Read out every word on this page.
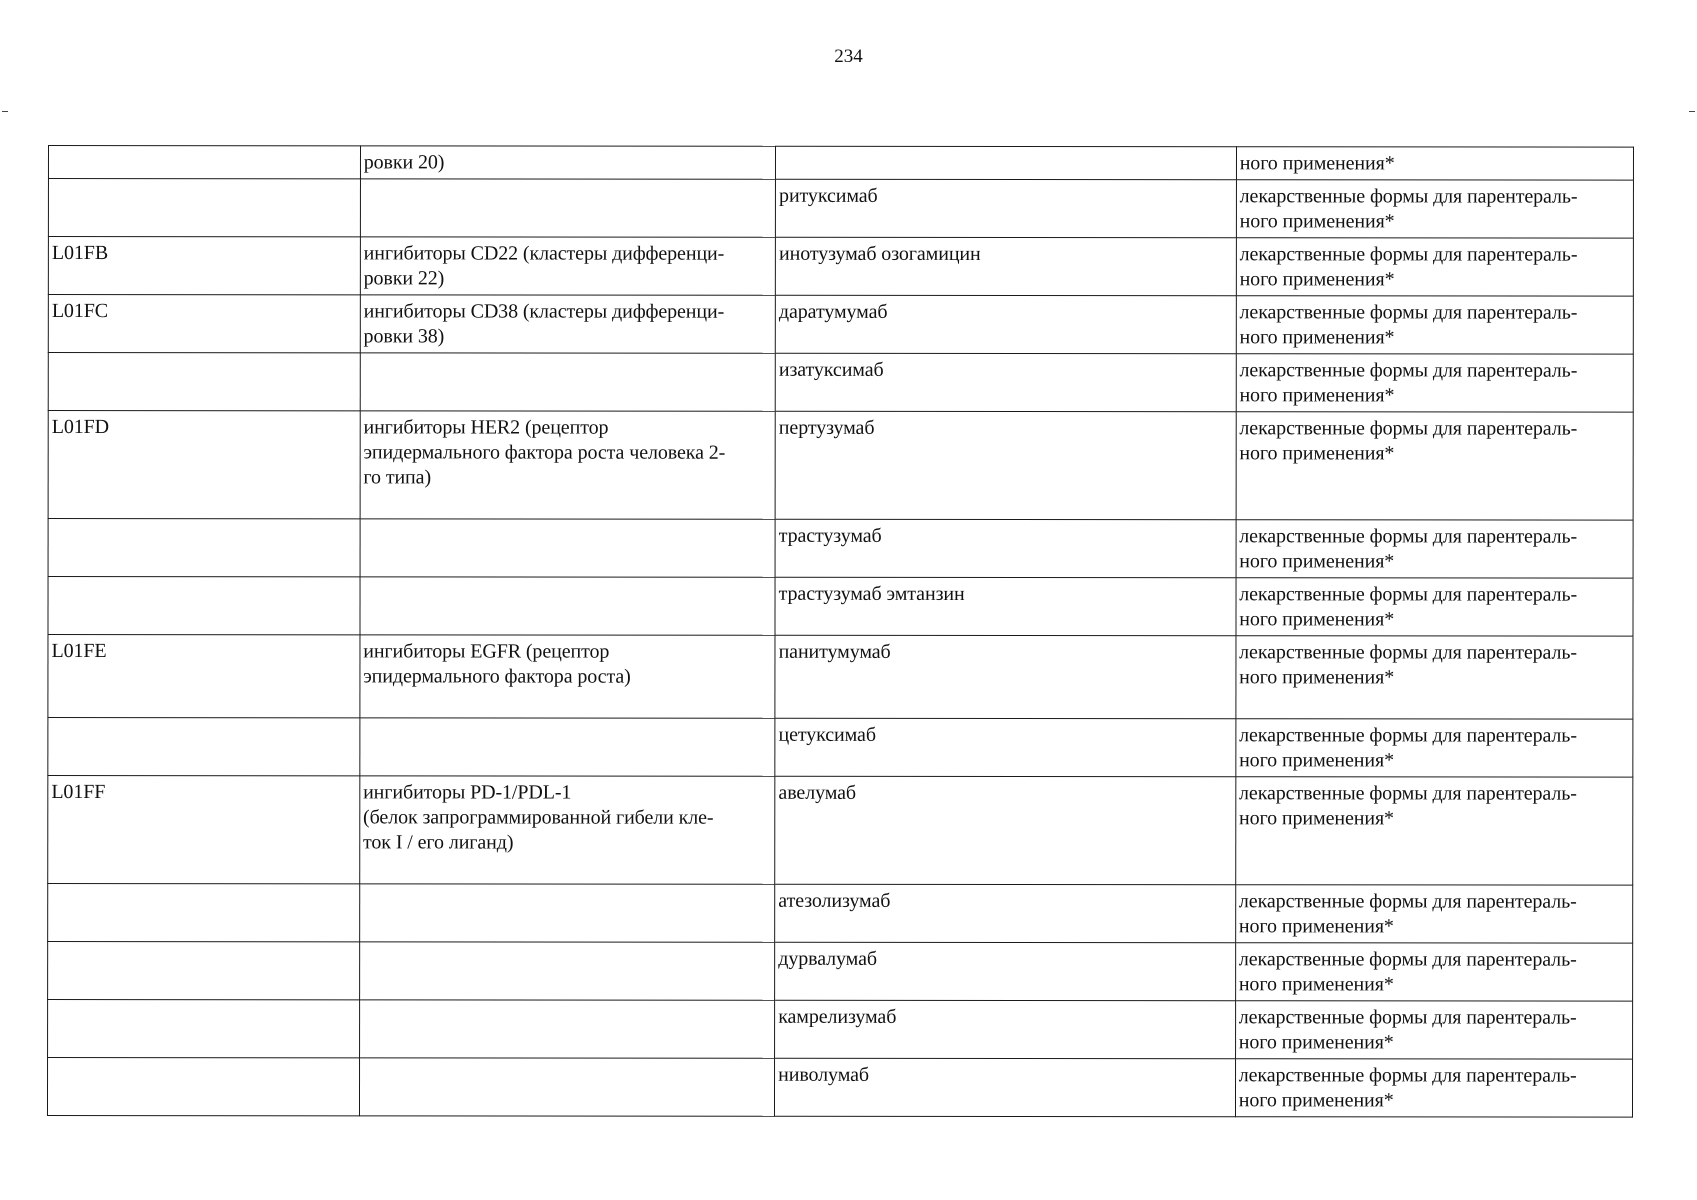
234
	ровки 20)		ного применения*
		ритуксимаб	лекарственные формы для парентераль-
ного применения*
L01FB	ингибиторы CD22 (кластеры дифференци-
ровки 22)	инотузумаб озогамицин	лекарственные формы для парентераль-
ного применения*
L01FC	ингибиторы CD38 (кластеры дифференци-
ровки 38)	даратумумаб	лекарственные формы для парентераль-
ного применения*
		изатуксимаб	лекарственные формы для парентераль-
ного применения*
L01FD	ингибиторы HER2 (рецептор
эпидермального фактора роста человека 2-
го типа)	пертузумаб	лекарственные формы для парентераль-
ного применения*
		трастузумаб	лекарственные формы для парентераль-
ного применения*
		трастузумаб эмтанзин	лекарственные формы для парентераль-
ного применения*
L01FE	ингибиторы EGFR (рецептор
эпидермального фактора роста)	панитумумаб	лекарственные формы для парентераль-
ного применения*
		цетуксимаб	лекарственные формы для парентераль-
ного применения*
L01FF	ингибиторы PD-1/PDL-1
(белок запрограммированной гибели кле-
ток I / его лиганд)	авелумаб	лекарственные формы для парентераль-
ного применения*
		атезолизумаб	лекарственные формы для парентераль-
ного применения*
		дурвалумаб	лекарственные формы для парентераль-
ного применения*
		камрелизумаб	лекарственные формы для парентераль-
ного применения*
		ниволумаб	лекарственные формы для парентераль-
ного применения*
